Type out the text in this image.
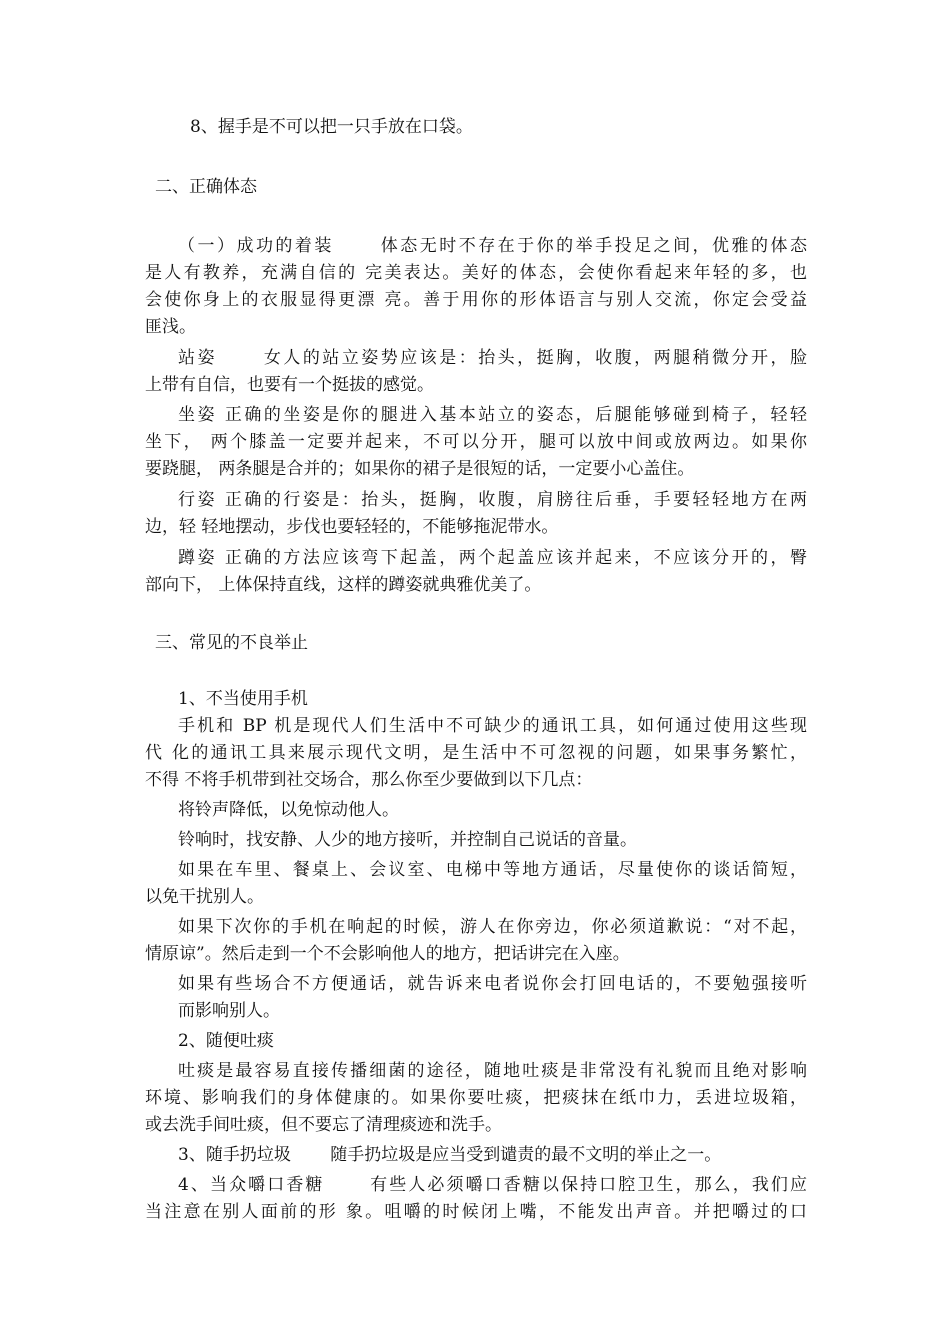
8、握手是不可以把一只手放在口袋。
二、正确体态
（一）成功的着装　　 体态无时不存在于你的举手投足之间，优雅的体态
是人有教养，充满自信的 完美表达。美好的体态，会使你看起来年轻的多，也
会使你身上的衣服显得更漂 亮。善于用你的形体语言与别人交流，你定会受益
匪浅。
站姿　　 女人的站立姿势应该是：抬头，挺胸，收腹，两腿稍微分开，脸
上带有自信，也要有一个挺拔的感觉。
坐姿 正确的坐姿是你的腿进入基本站立的姿态，后腿能够碰到椅子，轻轻
坐下， 两个膝盖一定要并起来，不可以分开，腿可以放中间或放两边。如果你
要跷腿， 两条腿是合并的；如果你的裙子是很短的话，一定要小心盖住。
行姿 正确的行姿是：抬头，挺胸，收腹，肩膀往后垂，手要轻轻地方在两
边，轻 轻地摆动，步伐也要轻轻的，不能够拖泥带水。
蹲姿 正确的方法应该弯下起盖，两个起盖应该并起来，不应该分开的，臀
部向下， 上体保持直线，这样的蹲姿就典雅优美了。
三、常见的不良举止
1、不当使用手机
手机和 BP 机是现代人们生活中不可缺少的通讯工具，如何通过使用这些现
代 化的通讯工具来展示现代文明，是生活中不可忽视的问题，如果事务繁忙，
不得 不将手机带到社交场合，那么你至少要做到以下几点：
将铃声降低，以免惊动他人。
铃响时，找安静、人少的地方接听，并控制自己说话的音量。
如果在车里、餐桌上、会议室、电梯中等地方通话，尽量使你的谈话简短，
以免干扰别人。
如果下次你的手机在响起的时候，游人在你旁边，你必须道歉说：“对不起，
情原谅”。然后走到一个不会影响他人的地方，把话讲完在入座。
如果有些场合不方便通话，就告诉来电者说你会打回电话的，不要勉强接听
而影响别人。
2、随便吐痰
吐痰是最容易直接传播细菌的途径，随地吐痰是非常没有礼貌而且绝对影响
环境、影响我们的身体健康的。如果你要吐痰，把痰抹在纸巾力，丢进垃圾箱，
或去洗手间吐痰，但不要忘了清理痰迹和洗手。
3、随手扔垃圾　　 随手扔垃圾是应当受到谴责的最不文明的举止之一。
4、当众嚼口香糖　　 有些人必须嚼口香糖以保持口腔卫生，那么，我们应
当注意在别人面前的形 象。咀嚼的时候闭上嘴，不能发出声音。并把嚼过的口
